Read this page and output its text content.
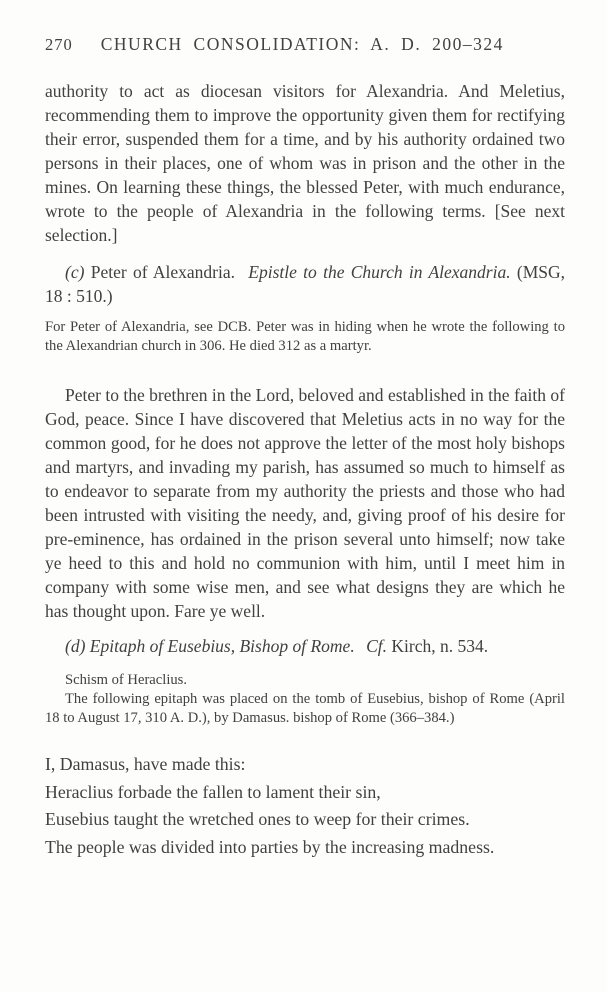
270 CHURCH CONSOLIDATION: A. D. 200–324

authority to act as diocesan visitors for Alexandria. And Meletius, recommending them to improve the opportunity given them for rectifying their error, suspended them for a time, and by his authority ordained two persons in their places, one of whom was in prison and the other in the mines. On learning these things, the blessed Peter, with much endurance, wrote to the people of Alexandria in the following terms. [See next selection.]

(c) Peter of Alexandria. Epistle to the Church in Alexandria. (MSG, 18 : 510.)

For Peter of Alexandria, see DCB. Peter was in hiding when he wrote the following to the Alexandrian church in 306. He died 312 as a martyr.

Peter to the brethren in the Lord, beloved and established in the faith of God, peace. Since I have discovered that Meletius acts in no way for the common good, for he does not approve the letter of the most holy bishops and martyrs, and invading my parish, has assumed so much to himself as to endeavor to separate from my authority the priests and those who had been intrusted with visiting the needy, and, giving proof of his desire for pre-eminence, has ordained in the prison several unto himself; now take ye heed to this and hold no communion with him, until I meet him in company with some wise men, and see what designs they are which he has thought upon. Fare ye well.

(d) Epitaph of Eusebius, Bishop of Rome. Cf. Kirch, n. 534.

Schism of Heraclius.

The following epitaph was placed on the tomb of Eusebius, bishop of Rome (April 18 to August 17, 310 A. D.), by Damasus. bishop of Rome (366–384.)

I, Damasus, have made this:

Heraclius forbade the fallen to lament their sin,

Eusebius taught the wretched ones to weep for their crimes.

The people was divided into parties by the increasing madness.
